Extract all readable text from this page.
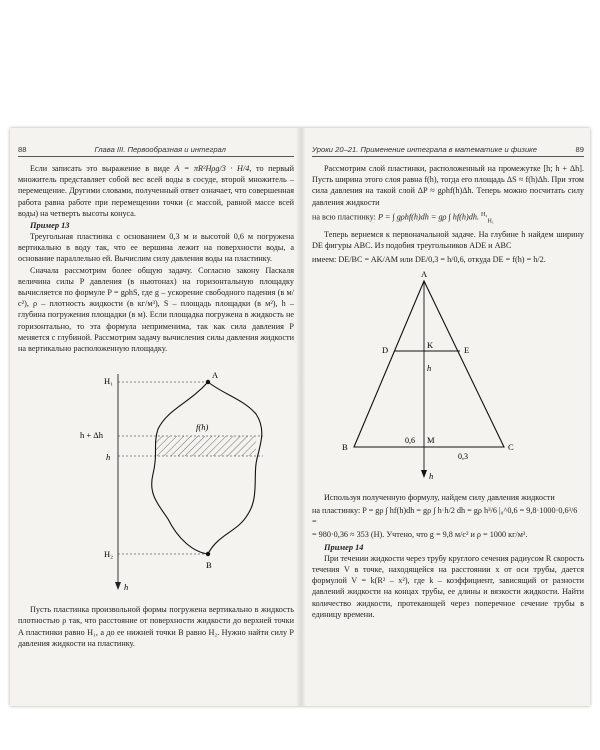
88	Глава III. Первообразная и интеграл

Если записать это выражение в виде A = πR²Hρg/3 · H/4, то первый множитель представляет собой вес всей воды в сосуде, второй множитель – перемещение. Другими словами, полученный ответ означает, что совершенная работа равна работе при перемещении точки (с массой, равной массе всей воды) на четверть высоты конуса.

Пример 13

Треугольная пластинка с основанием 0,3 м и высотой 0,6 м погружена вертикально в воду так, что ее вершина лежит на поверхности воды, а основание параллельно ей. Вычислим силу давления воды на пластинку.

Сначала рассмотрим более общую задачу. Согласно закону Паскаля величина силы P давления (в ньютонах) на горизонтальную площадку вычисляется по формуле P = gρhS, где g – ускорение свободного падения (в м/с²), ρ – плотность жидкости (в кг/м³), S – площадь площадки (в м²), h – глубина погружения площадки (в м). Если площадка погружена в жидкость не горизонтально, то эта формула неприменима, так как сила давления P меняется с глубиной. Рассмотрим задачу вычисления силы давления жидкости на вертикально расположенную площадку.

H₁
A
h + Δh
f(h)
h
H₂
B
h

Пусть пластинка произвольной формы погружена вертикально в жидкость плотностью ρ так, что расстояние от поверхности жидкости до верхней точки A пластинки равно H₁, а до ее нижней точки B равно H₂. Нужно найти силу P давления жидкости на пластинку.

Уроки 20–21. Применение интеграла в математике и физике	89

Рассмотрим слой пластинки, расположенный на промежутке [h; h + Δh]. Пусть ширина этого слоя равна f(h), тогда его площадь ΔS ≈ f(h)Δh. При этом сила давления на такой слой ΔP ≈ gρhf(h)Δh. Теперь можно посчитать силу давления жидкости

на всю пластинку: P = ∫ gρhf(h)dh = gρ ∫ hf(h)dh. $^{H_2}_{H_1}$

Теперь вернемся к первоначальной задаче. На глубине h найдем ширину DE фигуры ABC. Из подобия треугольников ADE и ABC

имеем: DE/BC = AK/AM или DE/0,3 = h/0,6, откуда DE = f(h) = h/2.
A
D	K	E
h
B
0,6 M
C
0,3
h

Используя полученную формулу, найдем силу давления жидкости

на пластинку: P = gρ ∫ hf(h)dh = gρ ∫ h·h/2 dh = gρ h³/6 |₀^0,6 = 9,8·1000·0,6³/6 =
= 980·0,36 ≈ 353 (Н). Учтено, что g = 9,8 м/с² и ρ = 1000 кг/м³.
Пример 14

При течении жидкости через трубу круглого сечения радиусом R скорость течения V в точке, находящейся на расстоянии x от оси трубы, дается формулой V = k(R² – x²), где k – коэффициент, зависящий от разности давлений жидкости на концах трубы, ее длины и вязкости жидкости. Найти количество жидкости, протекающей через поперечное сечение трубы в единицу времени.
